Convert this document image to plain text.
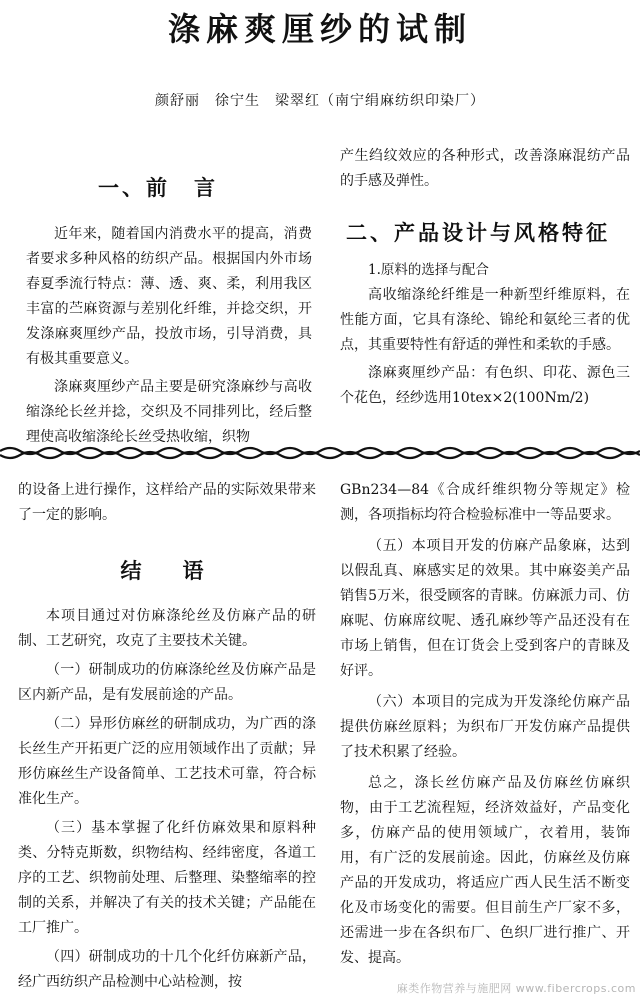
涤麻爽厘纱的试制
颜舒丽　徐宁生　梁翠红（南宁绢麻纺织印染厂）
一、前　言

近年来，随着国内消费水平的提高，消费者要求多种风格的纺织产品。根据国内外市场春夏季流行特点：薄、透、爽、柔，利用我区丰富的苎麻资源与差别化纤维，并捻交织，开发涤麻爽厘纱产品，投放市场，引导消费，具有极其重要意义。

涤麻爽厘纱产品主要是研究涤麻纱与高收缩涤纶长丝并捻，交织及不同排列比，经后整理使高收缩涤纶长丝受热收缩，织物

产生绉纹效应的各种形式，改善涤麻混纺产品的手感及弹性。

二、产品设计与风格特征

1.原料的选择与配合

高收缩涤纶纤维是一种新型纤维原料，在性能方面，它具有涤纶、锦纶和氨纶三者的优点，其重要特性有舒适的弹性和柔软的手感。

涤麻爽厘纱产品：有色织、印花、源色三个花色，经纱选用10tex×2(100Nm/2)

的设备上进行操作，这样给产品的实际效果带来了一定的影响。

结　语

本项目通过对仿麻涤纶丝及仿麻产品的研制、工艺研究，攻克了主要技术关键。

（一）研制成功的仿麻涤纶丝及仿麻产品是区内新产品，是有发展前途的产品。

（二）异形仿麻丝的研制成功，为广西的涤长丝生产开拓更广泛的应用领域作出了贡献；异形仿麻丝生产设备简单、工艺技术可靠，符合标准化生产。

（三）基本掌握了化纤仿麻效果和原料种类、分特克斯数，织物结构、经纬密度，各道工序的工艺、织物前处理、后整理、染整缩率的控制的关系，并解决了有关的技术关键；产品能在工厂推广。

（四）研制成功的十几个化纤仿麻新产品，经广西纺织产品检测中心站检测，按

GBn234—84《合成纤维织物分等规定》检测，各项指标均符合检验标准中一等品要求。

（五）本项目开发的仿麻产品象麻，达到以假乱真、麻感实足的效果。其中麻姿美产品销售5万米，很受顾客的青睐。仿麻派力司、仿麻呢、仿麻席纹呢、透孔麻纱等产品还没有在市场上销售，但在订货会上受到客户的青睐及好评。

（六）本项目的完成为开发涤纶仿麻产品提供仿麻丝原料；为织布厂开发仿麻产品提供了技术积累了经验。

总之，涤长丝仿麻产品及仿麻丝仿麻织物，由于工艺流程短，经济效益好，产品变化多，仿麻产品的使用领域广，衣着用，装饰用，有广泛的发展前途。因此，仿麻丝及仿麻产品的开发成功，将适应广西人民生活不断变化及市场变化的需要。但目前生产厂家不多，还需进一步在各织布厂、色织厂进行推广、开发、提高。

麻类作物营养与施肥网 www.fibercrops.com
